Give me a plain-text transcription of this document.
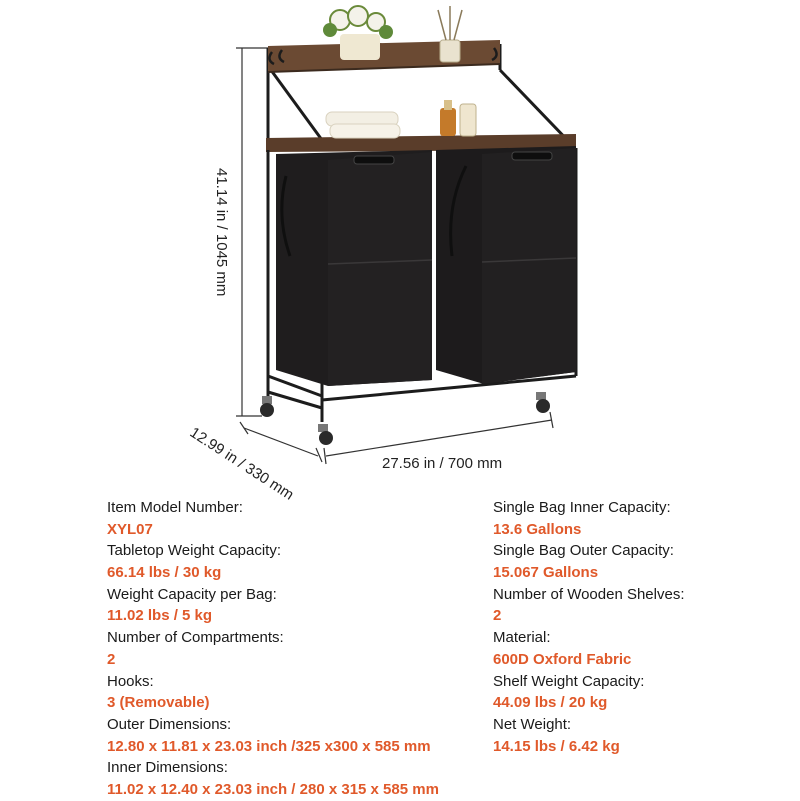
41.14 in / 1045 mm
12.99 in / 330 mm	27.56 in / 700 mm
Item Model Number:
XYL07
Tabletop Weight Capacity:
66.14 lbs / 30 kg
Weight Capacity per Bag:
11.02 lbs / 5 kg
Number of Compartments:
2
Hooks:
3 (Removable)
Outer Dimensions:
12.80 x 11.81 x 23.03 inch /325 x300 x 585 mm
Inner Dimensions:
11.02 x 12.40 x 23.03 inch / 280 x 315 x 585 mm
Single Bag Inner Capacity:
13.6 Gallons
Single Bag Outer Capacity:
15.067 Gallons
Number of Wooden Shelves:
2
Material:
600D Oxford Fabric
Shelf Weight Capacity:
44.09 lbs / 20 kg
Net Weight:
14.15 lbs / 6.42 kg
